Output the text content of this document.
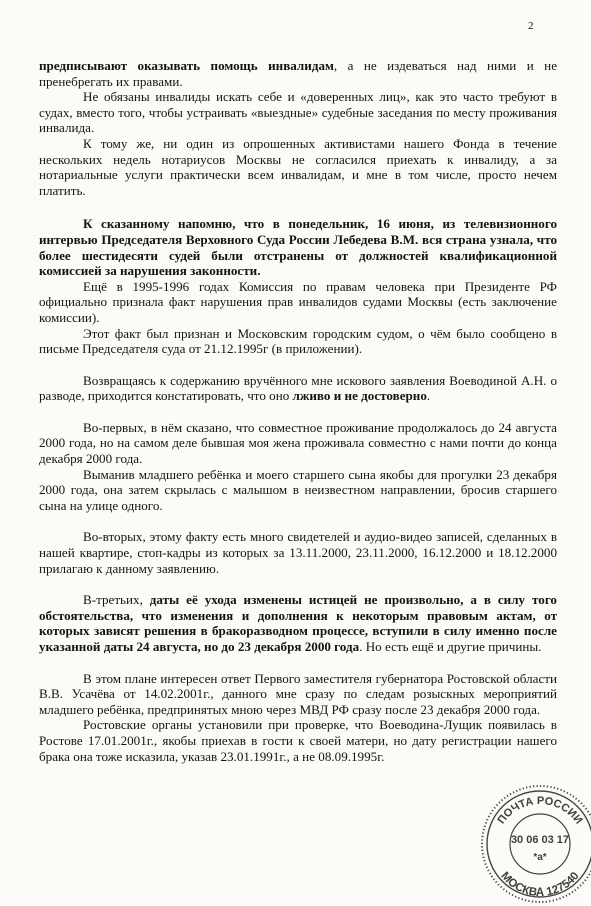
2

предписывают оказывать помощь инвалидам, а не издеваться над ними и не пренебрегать их правами.

Не обязаны инвалиды искать себе и «доверенных лиц», как это часто требуют в судах, вместо того, чтобы устраивать «выездные» судебные заседания по месту проживания инвалида.

К тому же, ни один из опрошенных активистами нашего Фонда в течение нескольких недель нотариусов Москвы не согласился приехать к инвалиду, а за нотариальные услуги практически всем инвалидам, и мне в том числе, просто нечем платить.

К сказанному напомню, что в понедельник, 16 июня, из телевизионного интервью Председателя Верховного Суда России Лебедева В.М. вся страна узнала, что более шестидесяти судей были отстранены от должностей квалификационной комиссией за нарушения законности.

Ещё в 1995-1996 годах Комиссия по правам человека при Президенте РФ официально признала факт нарушения прав инвалидов судами Москвы (есть заключение комиссии).

Этот факт был признан и Московским городским судом, о чём было сообщено в письме Председателя суда от 21.12.1995г (в приложении).

Возвращаясь к содержанию вручённого мне искового заявления Воеводиной А.Н. о разводе, приходится констатировать, что оно лживо и не достоверно.

Во-первых, в нём сказано, что совместное проживание продолжалось до 24 августа 2000 года, но на самом деле бывшая моя жена проживала совместно с нами почти до конца декабря 2000 года.

Выманив младшего ребёнка и моего старшего сына якобы для прогулки 23 декабря 2000 года, она затем скрылась с малышом в неизвестном направлении, бросив старшего сына на улице одного.

Во-вторых, этому факту есть много свидетелей и аудио-видео записей, сделанных в нашей квартире, стоп-кадры из которых за 13.11.2000, 23.11.2000, 16.12.2000 и 18.12.2000 прилагаю к данному заявлению.

В-третьих, даты её ухода изменены истицей не произвольно, а в силу того обстоятельства, что изменения и дополнения к некоторым правовым актам, от которых зависят решения в бракоразводном процессе, вступили в силу именно после указанной даты 24 августа, но до 23 декабря 2000 года. Но есть ещё и другие причины.

В этом плане интересен ответ Первого заместителя губернатора Ростовской области В.В. Усачёва от 14.02.2001г., данного мне сразу по следам розыскных мероприятий младшего ребёнка, предпринятых мною через МВД РФ сразу после 23 декабря 2000 года.

Ростовские органы установили при проверке, что Воеводина-Лущик появилась в Ростове 17.01.2001г., якобы приехав в гости к своей матери, но дату регистрации нашего брака она тоже исказила, указав 23.01.1991г., а не 08.09.1995г.

ПОЧТА РОССИИ
МОСКВА 127540
30 06 03 17
*а*
